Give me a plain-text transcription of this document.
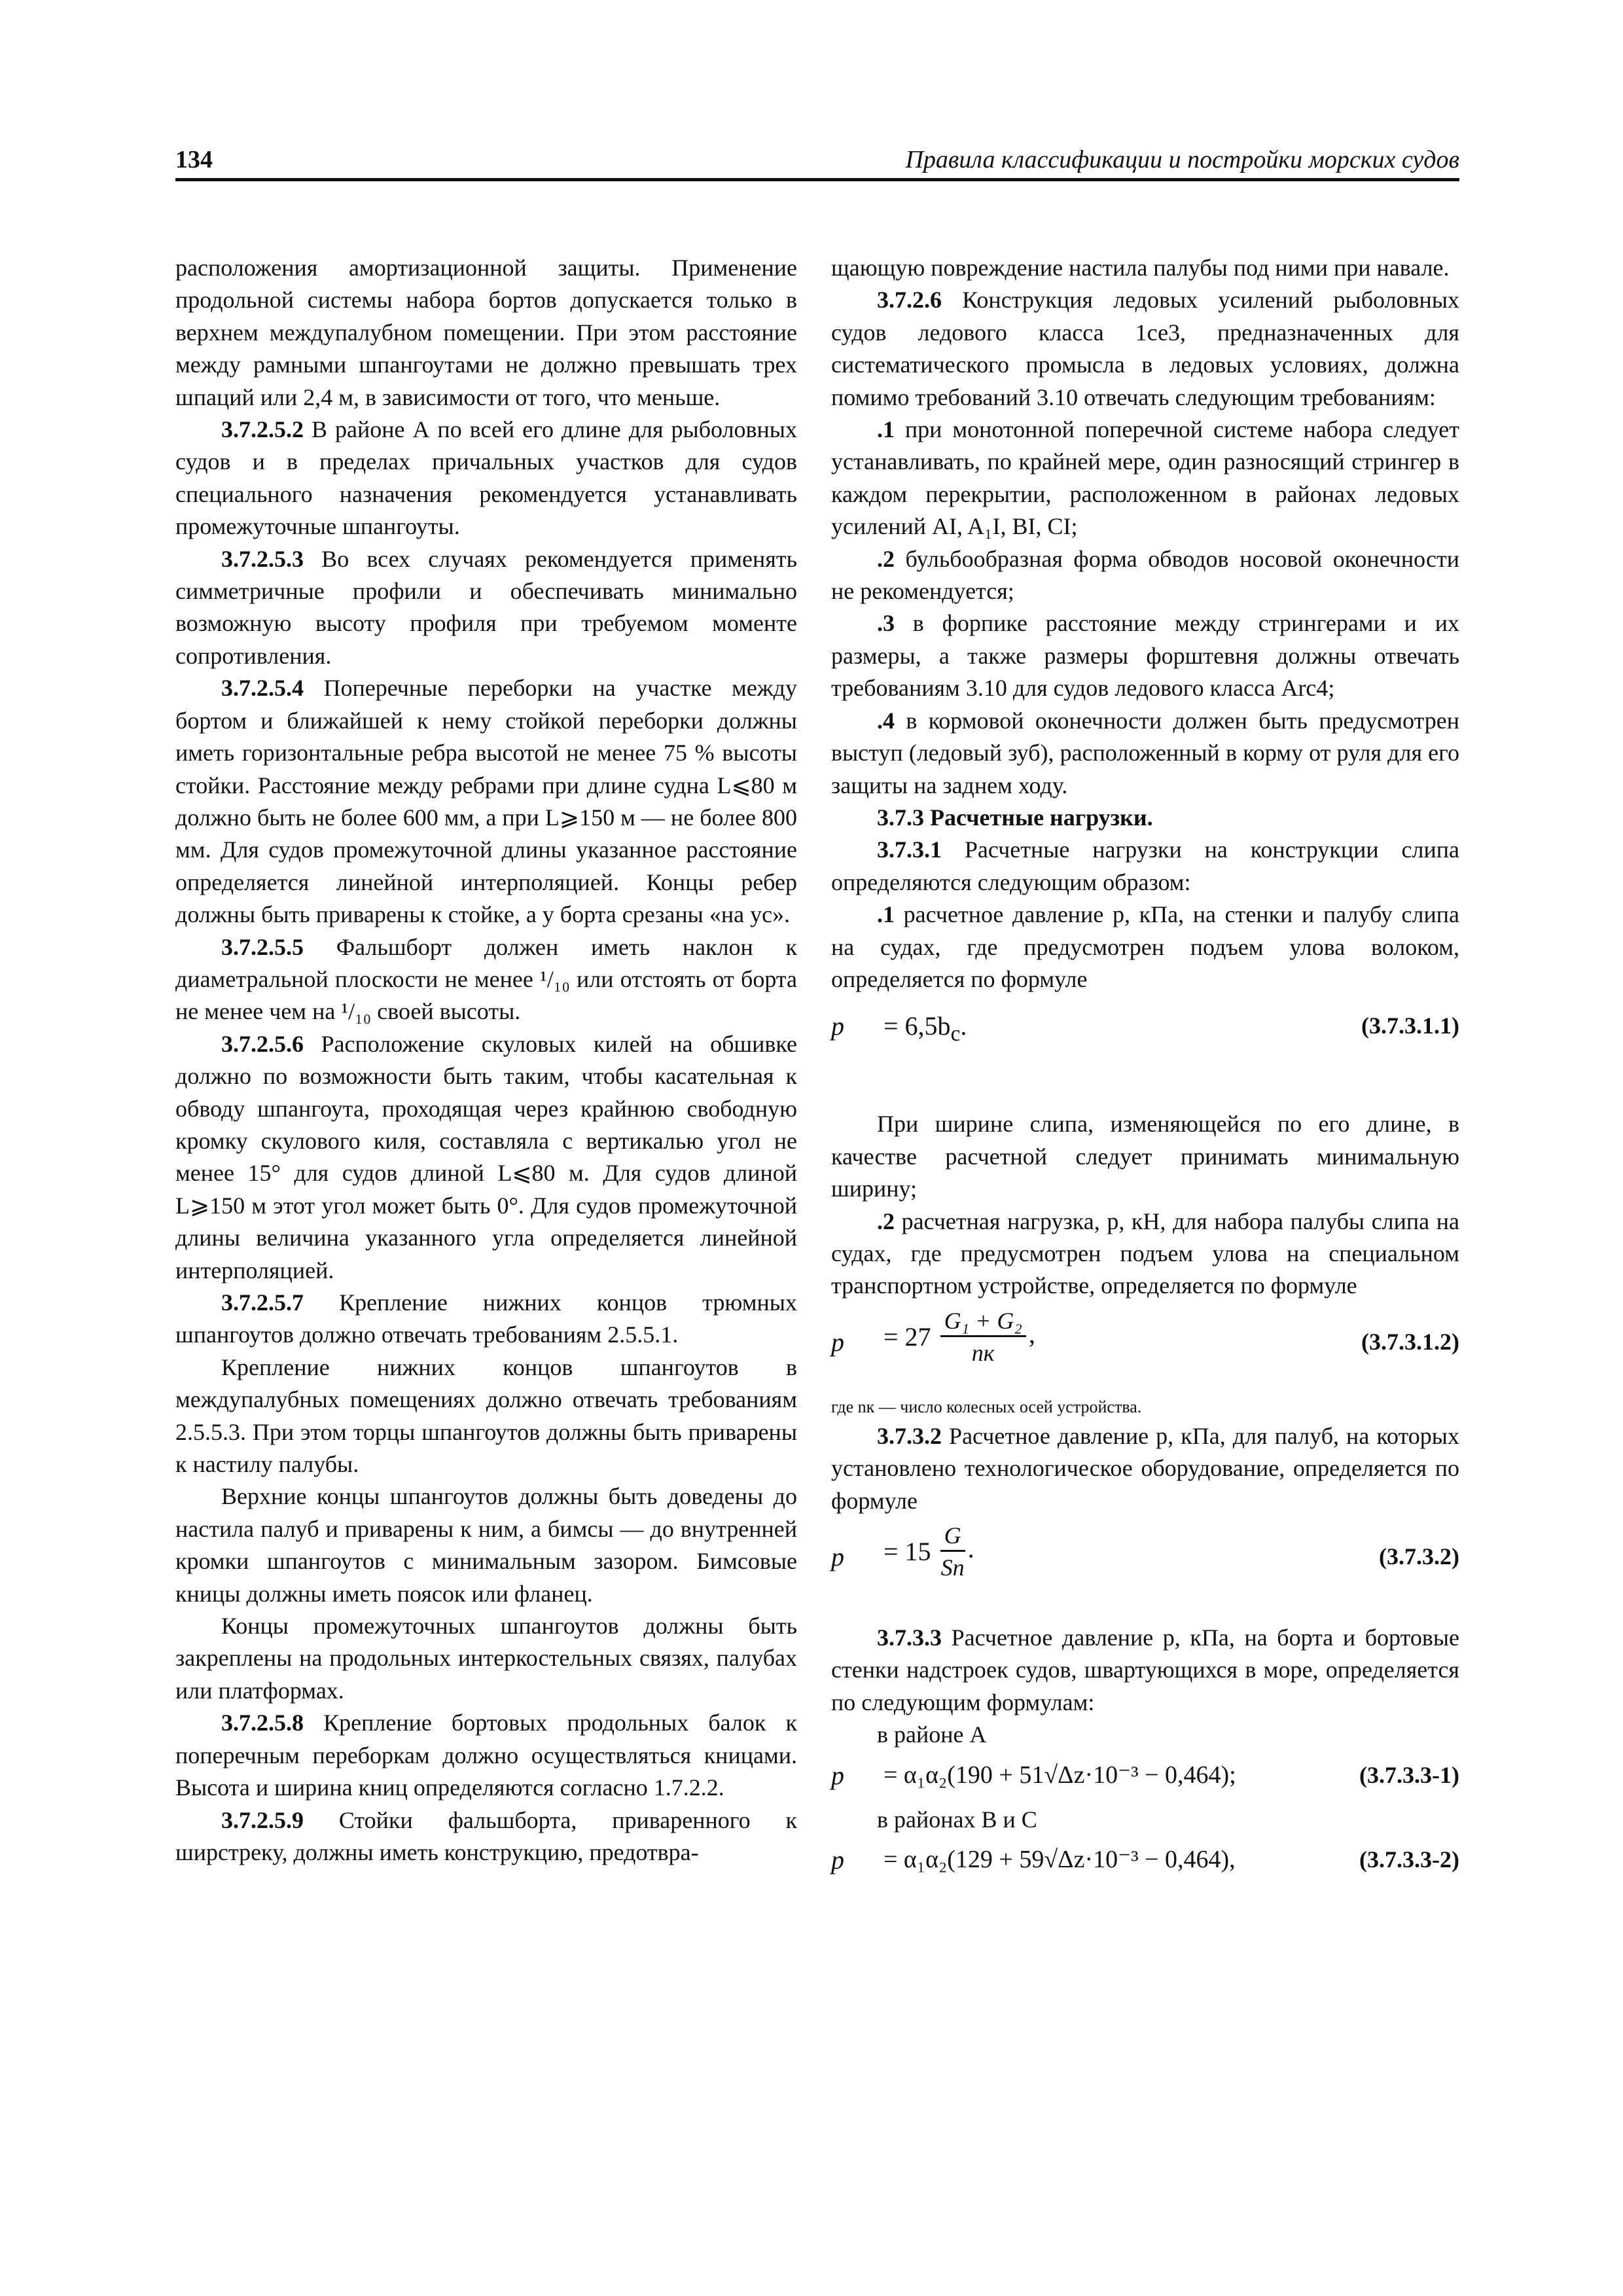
134	Правила классификации и постройки морских судов

расположения амортизационной защиты. Применение продольной системы набора бортов допускается только в верхнем междупалубном помещении. При этом расстояние между рамными шпангоутами не должно превышать трех шпаций или 2,4 м, в зависимости от того, что меньше.

3.7.2.5.2 В районе А по всей его длине для рыболовных судов и в пределах причальных участков для судов специального назначения рекомендуется устанавливать промежуточные шпангоуты.

3.7.2.5.3 Во всех случаях рекомендуется применять симметричные профили и обеспечивать минимально возможную высоту профиля при требуемом моменте сопротивления.

3.7.2.5.4 Поперечные переборки на участке между бортом и ближайшей к нему стойкой переборки должны иметь горизонтальные ребра высотой не менее 75 % высоты стойки. Расстояние между ребрами при длине судна L⩽80 м должно быть не более 600 мм, а при L⩾150 м — не более 800 мм. Для судов промежуточной длины указанное расстояние определяется линейной интерполяцией. Концы ребер должны быть приварены к стойке, а у борта срезаны «на ус».

3.7.2.5.5 Фальшборт должен иметь наклон к диаметральной плоскости не менее ¹/₁₀ или отстоять от борта не менее чем на ¹/₁₀ своей высоты.

3.7.2.5.6 Расположение скуловых килей на обшивке должно по возможности быть таким, чтобы касательная к обводу шпангоута, проходящая через крайнюю свободную кромку скулового киля, составляла с вертикалью угол не менее 15° для судов длиной L⩽80 м. Для судов длиной L⩾150 м этот угол может быть 0°. Для судов промежуточной длины величина указанного угла определяется линейной интерполяцией.

3.7.2.5.7 Крепление нижних концов трюмных шпангоутов должно отвечать требованиям 2.5.5.1.

Крепление нижних концов шпангоутов в междупалубных помещениях должно отвечать требованиям 2.5.5.3. При этом торцы шпангоутов должны быть приварены к настилу палубы.

Верхние концы шпангоутов должны быть доведены до настила палуб и приварены к ним, а бимсы — до внутренней кромки шпангоутов с минимальным зазором. Бимсовые кницы должны иметь поясок или фланец.

Концы промежуточных шпангоутов должны быть закреплены на продольных интеркостельных связях, палубах или платформах.

3.7.2.5.8 Крепление бортовых продольных балок к поперечным переборкам должно осуществляться кницами. Высота и ширина книц определяются согласно 1.7.2.2.

3.7.2.5.9 Стойки фальшборта, приваренного к ширстреку, должны иметь конструкцию, предотвра-

щающую повреждение настила палубы под ними при навале.

3.7.2.6 Конструкция ледовых усилений рыболовных судов ледового класса 1се3, предназначенных для систематического промысла в ледовых условиях, должна помимо требований 3.10 отвечать следующим требованиям:

.1 при монотонной поперечной системе набора следует устанавливать, по крайней мере, один разносящий стрингер в каждом перекрытии, расположенном в районах ледовых усилений AI, A₁I, BI, CI;

.2 бульбообразная форма обводов носовой оконечности не рекомендуется;

.3 в форпике расстояние между стрингерами и их размеры, а также размеры форштевня должны отвечать требованиям 3.10 для судов ледового класса Arc4;

.4 в кормовой оконечности должен быть предусмотрен выступ (ледовый зуб), расположенный в корму от руля для его защиты на заднем ходу.

3.7.3 Расчетные нагрузки.

3.7.3.1 Расчетные нагрузки на конструкции слипа определяются следующим образом:

.1 расчетное давление p, кПа, на стенки и палубу слипа на судах, где предусмотрен подъем улова волоком, определяется по формуле

$p = 6,5b_с$.	(3.7.3.1.1)

При ширине слипа, изменяющейся по его длине, в качестве расчетной следует принимать минимальную ширину;

.2 расчетная нагрузка, p, кН, для набора палубы слипа на судах, где предусмотрен подъем улова на специальном транспортном устройстве, определяется по формуле

p = 27
G₁ + G₂
nк
,	(3.7.3.1.2)

где nк — число колесных осей устройства.

3.7.3.2 Расчетное давление p, кПа, для палуб, на которых установлено технологическое оборудование, определяется по формуле

p = 15
G
Sп
.	(3.7.3.2)

3.7.3.3 Расчетное давление p, кПа, на борта и бортовые стенки надстроек судов, швартующихся в море, определяется по следующим формулам:

в районе А

p = α₁α₂(190 + 51√Δz·10⁻³ − 0,464);	(3.7.3.3-1)

в районах В и С

p = α₁α₂(129 + 59√Δz·10⁻³ − 0,464),	(3.7.3.3-2)
